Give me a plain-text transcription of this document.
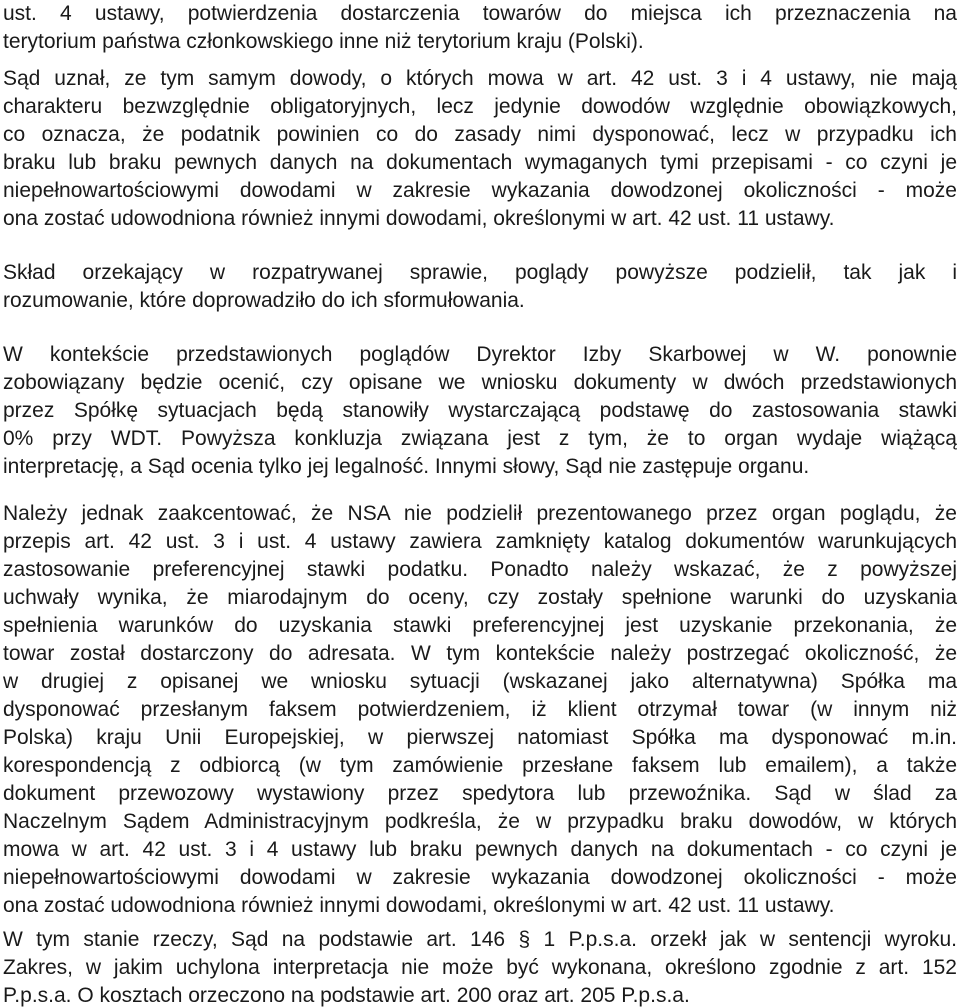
ust. 4 ustawy, potwierdzenia dostarczenia towarów do miejsca ich przeznaczenia na
terytorium państwa członkowskiego inne niż terytorium kraju (Polski).
Sąd uznał, ze tym samym dowody, o których mowa w art. 42 ust. 3 i 4 ustawy, nie mają
charakteru bezwzględnie obligatoryjnych, lecz jedynie dowodów względnie obowiązkowych,
co oznacza, że podatnik powinien co do zasady nimi dysponować, lecz w przypadku ich
braku lub braku pewnych danych na dokumentach wymaganych tymi przepisami - co czyni je
niepełnowartościowymi dowodami w zakresie wykazania dowodzonej okoliczności - może
ona zostać udowodniona również innymi dowodami, określonymi w art. 42 ust. 11 ustawy.
Skład orzekający w rozpatrywanej sprawie, poglądy powyższe podzielił, tak jak i
rozumowanie, które doprowadziło do ich sformułowania.
W kontekście przedstawionych poglądów Dyrektor Izby Skarbowej w W. ponownie
zobowiązany będzie ocenić, czy opisane we wniosku dokumenty w dwóch przedstawionych
przez Spółkę sytuacjach będą stanowiły wystarczającą podstawę do zastosowania stawki
0% przy WDT. Powyższa konkluzja związana jest z tym, że to organ wydaje wiążącą
interpretację, a Sąd ocenia tylko jej legalność. Innymi słowy, Sąd nie zastępuje organu.
Należy jednak zaakcentować, że NSA nie podzielił prezentowanego przez organ poglądu, że
przepis art. 42 ust. 3 i ust. 4 ustawy zawiera zamknięty katalog dokumentów warunkujących
zastosowanie preferencyjnej stawki podatku. Ponadto należy wskazać, że z powyższej
uchwały wynika, że miarodajnym do oceny, czy zostały spełnione warunki do uzyskania
spełnienia warunków do uzyskania stawki preferencyjnej jest uzyskanie przekonania, że
towar został dostarczony do adresata. W tym kontekście należy postrzegać okoliczność, że
w drugiej z opisanej we wniosku sytuacji (wskazanej jako alternatywna) Spółka ma
dysponować przesłanym faksem potwierdzeniem, iż klient otrzymał towar (w innym niż
Polska) kraju Unii Europejskiej, w pierwszej natomiast Spółka ma dysponować m.in.
korespondencją z odbiorcą (w tym zamówienie przesłane faksem lub emailem), a także
dokument przewozowy wystawiony przez spedytora lub przewoźnika. Sąd w ślad za
Naczelnym Sądem Administracyjnym podkreśla, że w przypadku braku dowodów, w których
mowa w art. 42 ust. 3 i 4 ustawy lub braku pewnych danych na dokumentach - co czyni je
niepełnowartościowymi dowodami w zakresie wykazania dowodzonej okoliczności - może
ona zostać udowodniona również innymi dowodami, określonymi w art. 42 ust. 11 ustawy.
W tym stanie rzeczy, Sąd na podstawie art. 146 § 1 P.p.s.a. orzekł jak w sentencji wyroku.
Zakres, w jakim uchylona interpretacja nie może być wykonana, określono zgodnie z art. 152
P.p.s.a. O kosztach orzeczono na podstawie art. 200 oraz art. 205 P.p.s.a.
